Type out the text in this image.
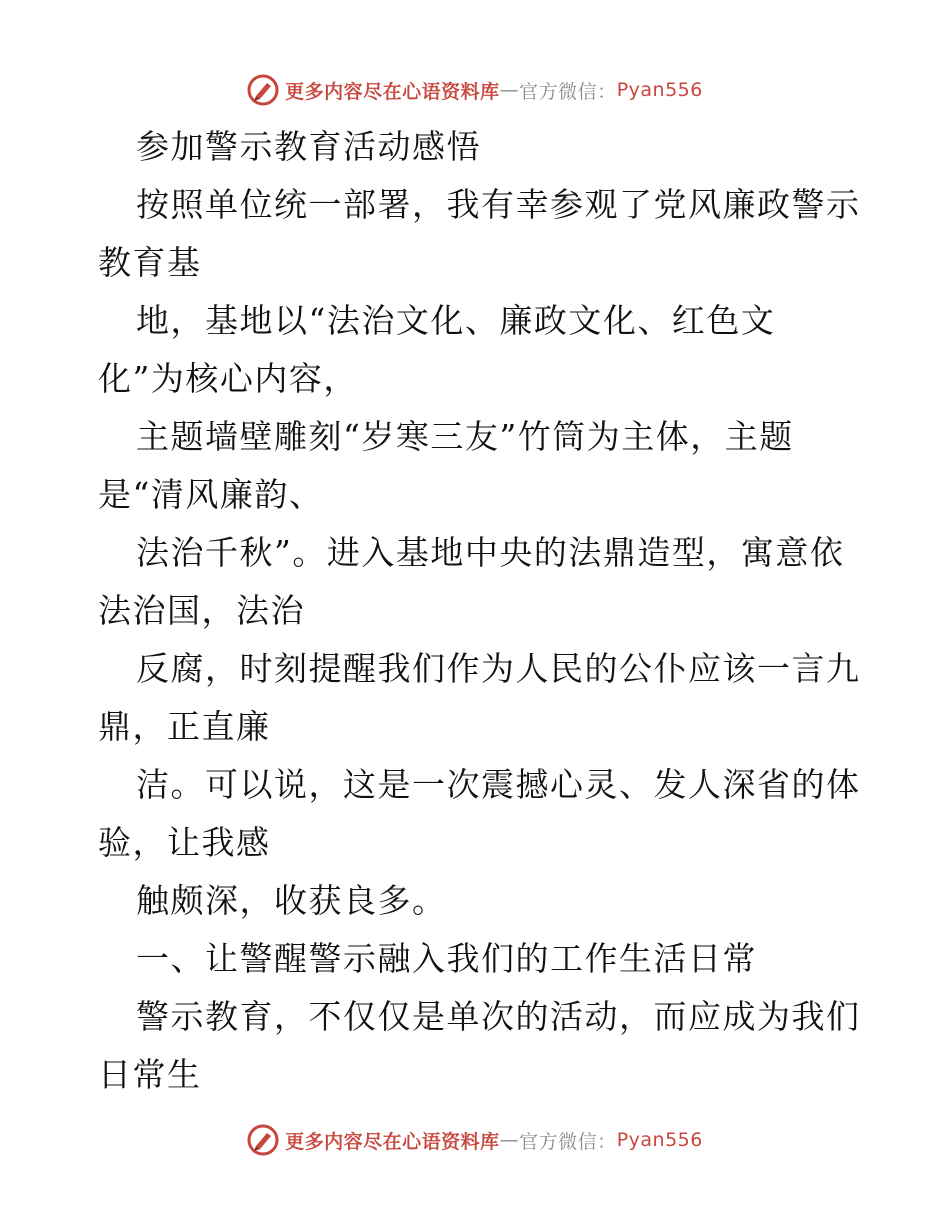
更多内容尽在心语资料库 — 官方微信： Pyan556

参加警示教育活动感悟

按照单位统一部署，我有幸参观了党风廉政警示

教育基

地，基地以“法治文化、廉政文化、红色文

化”为核心内容，

主题墙壁雕刻“岁寒三友”竹筒为主体，主题

是“清风廉韵、

法治千秋”。进入基地中央的法鼎造型，寓意依

法治国，法治

反腐，时刻提醒我们作为人民的公仆应该一言九

鼎，正直廉

洁。可以说，这是一次震撼心灵、发人深省的体

验，让我感

触颇深，收获良多。

一、让警醒警示融入我们的工作生活日常

警示教育，不仅仅是单次的活动，而应成为我们

日常生

更多内容尽在心语资料库 — 官方微信： Pyan556
